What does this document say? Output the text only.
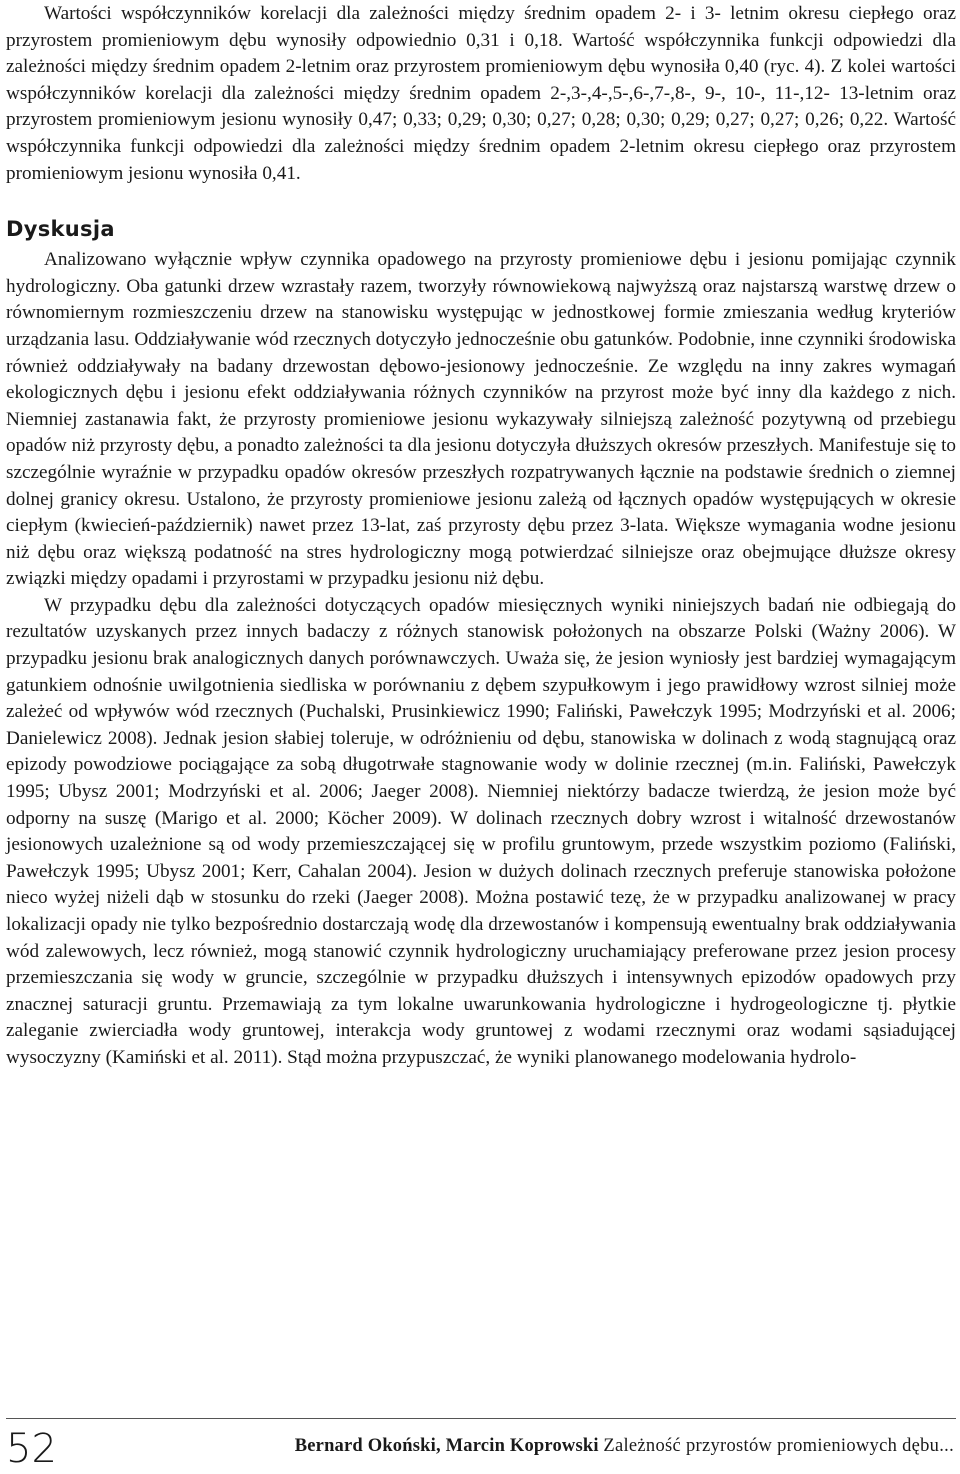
Wartości współczynników korelacji dla zależności między średnim opadem 2- i 3- letnim okresu ciepłego oraz przyrostem promieniowym dębu wynosiły odpowiednio 0,31 i 0,18. Wartość współczynnika funkcji odpowiedzi dla zależności między średnim opadem 2-letnim oraz przyrostem promieniowym dębu wynosiła 0,40 (ryc. 4). Z kolei wartości współczynników korelacji dla zależności między średnim opadem 2-,3-,4-,5-,6-,7-,8-, 9-, 10-, 11-,12- 13-letnim oraz przyrostem promieniowym jesionu wynosiły 0,47; 0,33; 0,29; 0,30; 0,27; 0,28; 0,30; 0,29; 0,27; 0,27; 0,26; 0,22. Wartość współczynnika funkcji odpowiedzi dla zależności między średnim opadem 2-letnim okresu ciepłego oraz przyrostem promieniowym jesionu wynosiła 0,41.

Dyskusja

Analizowano wyłącznie wpływ czynnika opadowego na przyrosty promieniowe dębu i jesionu pomijając czynnik hydrologiczny. Oba gatunki drzew wzrastały razem, tworzyły równowiekową najwyższą oraz najstarszą warstwę drzew o równomiernym rozmieszczeniu drzew na stanowisku występując w jednostkowej formie zmieszania według kryteriów urządzania lasu. Oddziaływanie wód rzecznych dotyczyło jednocześnie obu gatunków. Podobnie, inne czynniki środowiska również oddziaływały na badany drzewostan dębowo-jesionowy jednocześnie. Ze względu na inny zakres wymagań ekologicznych dębu i jesionu efekt oddziaływania różnych czynników na przyrost może być inny dla każdego z nich. Niemniej zastanawia fakt, że przyrosty promieniowe jesionu wykazywały silniejszą zależność pozytywną od przebiegu opadów niż przyrosty dębu, a ponadto zależności ta dla jesionu dotyczyła dłuższych okresów przeszłych. Manifestuje się to szczególnie wyraźnie w przypadku opadów okresów przeszłych rozpatrywanych łącznie na podstawie średnich o ziemnej dolnej granicy okresu. Ustalono, że przyrosty promieniowe jesionu zależą od łącznych opadów występujących w okresie ciepłym (kwiecień-październik) nawet przez 13-lat, zaś przyrosty dębu przez 3-lata. Większe wymagania wodne jesionu niż dębu oraz większą podatność na stres hydrologiczny mogą potwierdzać silniejsze oraz obejmujące dłuższe okresy związki między opadami i przyrostami w przypadku jesionu niż dębu.

W przypadku dębu dla zależności dotyczących opadów miesięcznych wyniki niniejszych badań nie odbiegają do rezultatów uzyskanych przez innych badaczy z różnych stanowisk położonych na obszarze Polski (Ważny 2006). W przypadku jesionu brak analogicznych danych porównawczych. Uważa się, że jesion wyniosły jest bardziej wymagającym gatunkiem odnośnie uwilgotnienia siedliska w porównaniu z dębem szypułkowym i jego prawidłowy wzrost silniej może zależeć od wpływów wód rzecznych (Puchalski, Prusinkiewicz 1990; Faliński, Pawełczyk 1995; Modrzyński et al. 2006; Danielewicz 2008). Jednak jesion słabiej toleruje, w odróżnieniu od dębu, stanowiska w dolinach z wodą stagnującą oraz epizody powodziowe pociągające za sobą długotrwałe stagnowanie wody w dolinie rzecznej (m.in. Faliński, Pawełczyk 1995; Ubysz 2001; Modrzyński et al. 2006; Jaeger 2008). Niemniej niektórzy badacze twierdzą, że jesion może być odporny na suszę (Marigo et al. 2000; Köcher 2009). W dolinach rzecznych dobry wzrost i witalność drzewostanów jesionowych uzależnione są od wody przemieszczającej się w profilu gruntowym, przede wszystkim poziomo (Faliński, Pawełczyk 1995; Ubysz 2001; Kerr, Cahalan 2004). Jesion w dużych dolinach rzecznych preferuje stanowiska położone nieco wyżej niżeli dąb w stosunku do rzeki (Jaeger 2008). Można postawić tezę, że w przypadku analizowanej w pracy lokalizacji opady nie tylko bezpośrednio dostarczają wodę dla drzewostanów i kompensują ewentualny brak oddziaływania wód zalewowych, lecz również, mogą stanowić czynnik hydrologiczny uruchamiający preferowane przez jesion procesy przemieszczania się wody w gruncie, szczególnie w przypadku dłuższych i intensywnych epizodów opadowych przy znacznej saturacji gruntu. Przemawiają za tym lokalne uwarunkowania hydrologiczne i hydrogeologiczne tj. płytkie zaleganie zwierciadła wody gruntowej, interakcja wody gruntowej z wodami rzecznymi oraz wodami sąsiadującej wysoczyzny (Kamiński et al. 2011). Stąd można przypuszczać, że wyniki planowanego modelowania hydrolo-

52	Bernard Okoński, Marcin Koprowski Zależność przyrostów promieniowych dębu...
